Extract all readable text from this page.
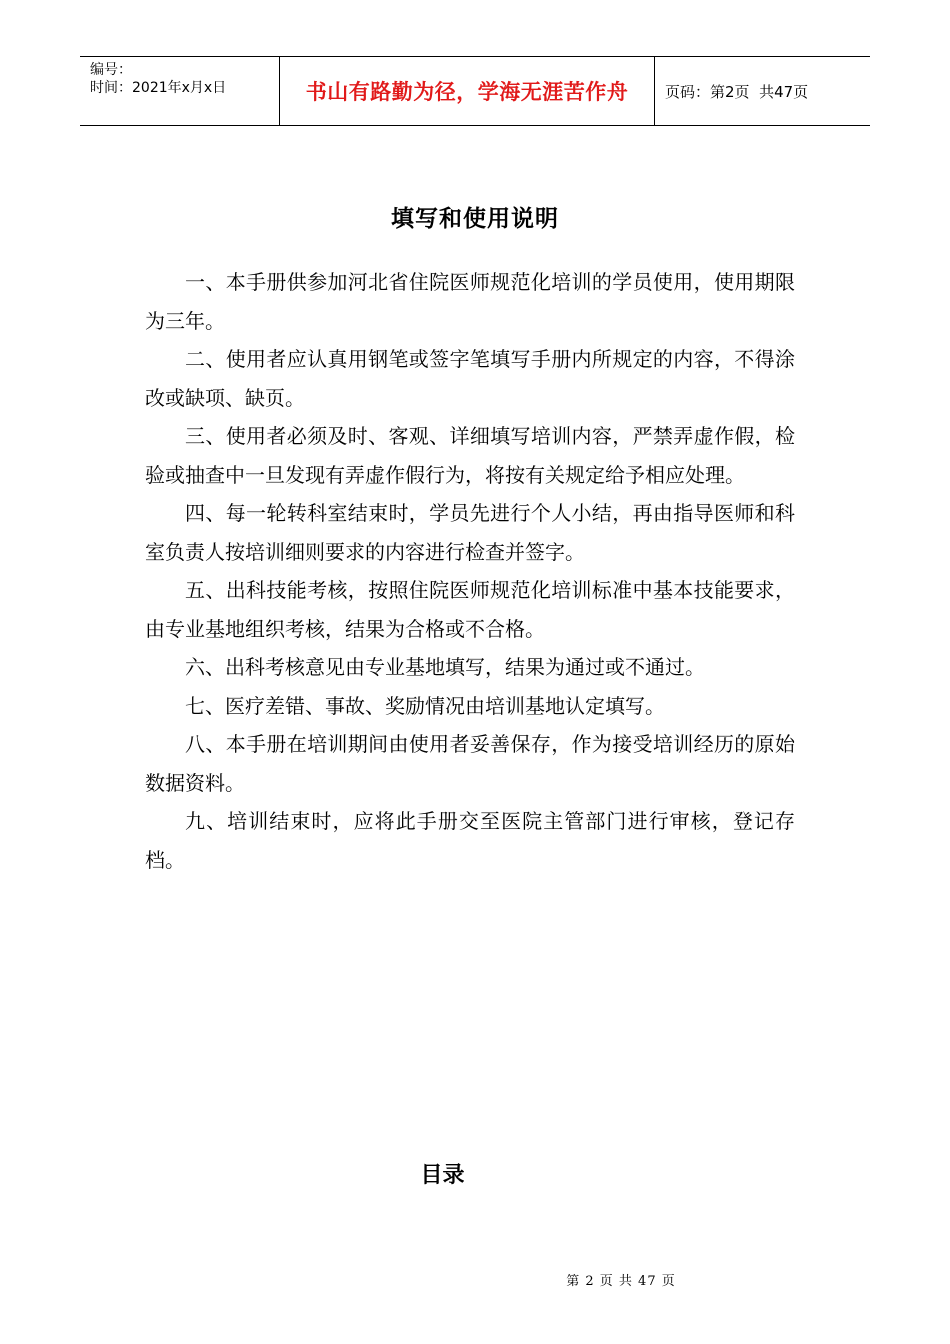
编号：
时间：2021年x月x日	书山有路勤为径，学海无涯苦作舟	页码：第2页  共47页
填写和使用说明

一、本手册供参加河北省住院医师规范化培训的学员使用，使用期限为三年。

二、使用者应认真用钢笔或签字笔填写手册内所规定的内容，不得涂改或缺项、缺页。

三、使用者必须及时、客观、详细填写培训内容，严禁弄虚作假，检验或抽查中一旦发现有弄虚作假行为，将按有关规定给予相应处理。

四、每一轮转科室结束时，学员先进行个人小结，再由指导医师和科室负责人按培训细则要求的内容进行检查并签字。

五、出科技能考核，按照住院医师规范化培训标准中基本技能要求，由专业基地组织考核，结果为合格或不合格。

六、出科考核意见由专业基地填写，结果为通过或不通过。

七、医疗差错、事故、奖励情况由培训基地认定填写。

八、本手册在培训期间由使用者妥善保存，作为接受培训经历的原始数据资料。

九、培训结束时，应将此手册交至医院主管部门进行审核，登记存档。

目录
第 2 页 共 47 页
